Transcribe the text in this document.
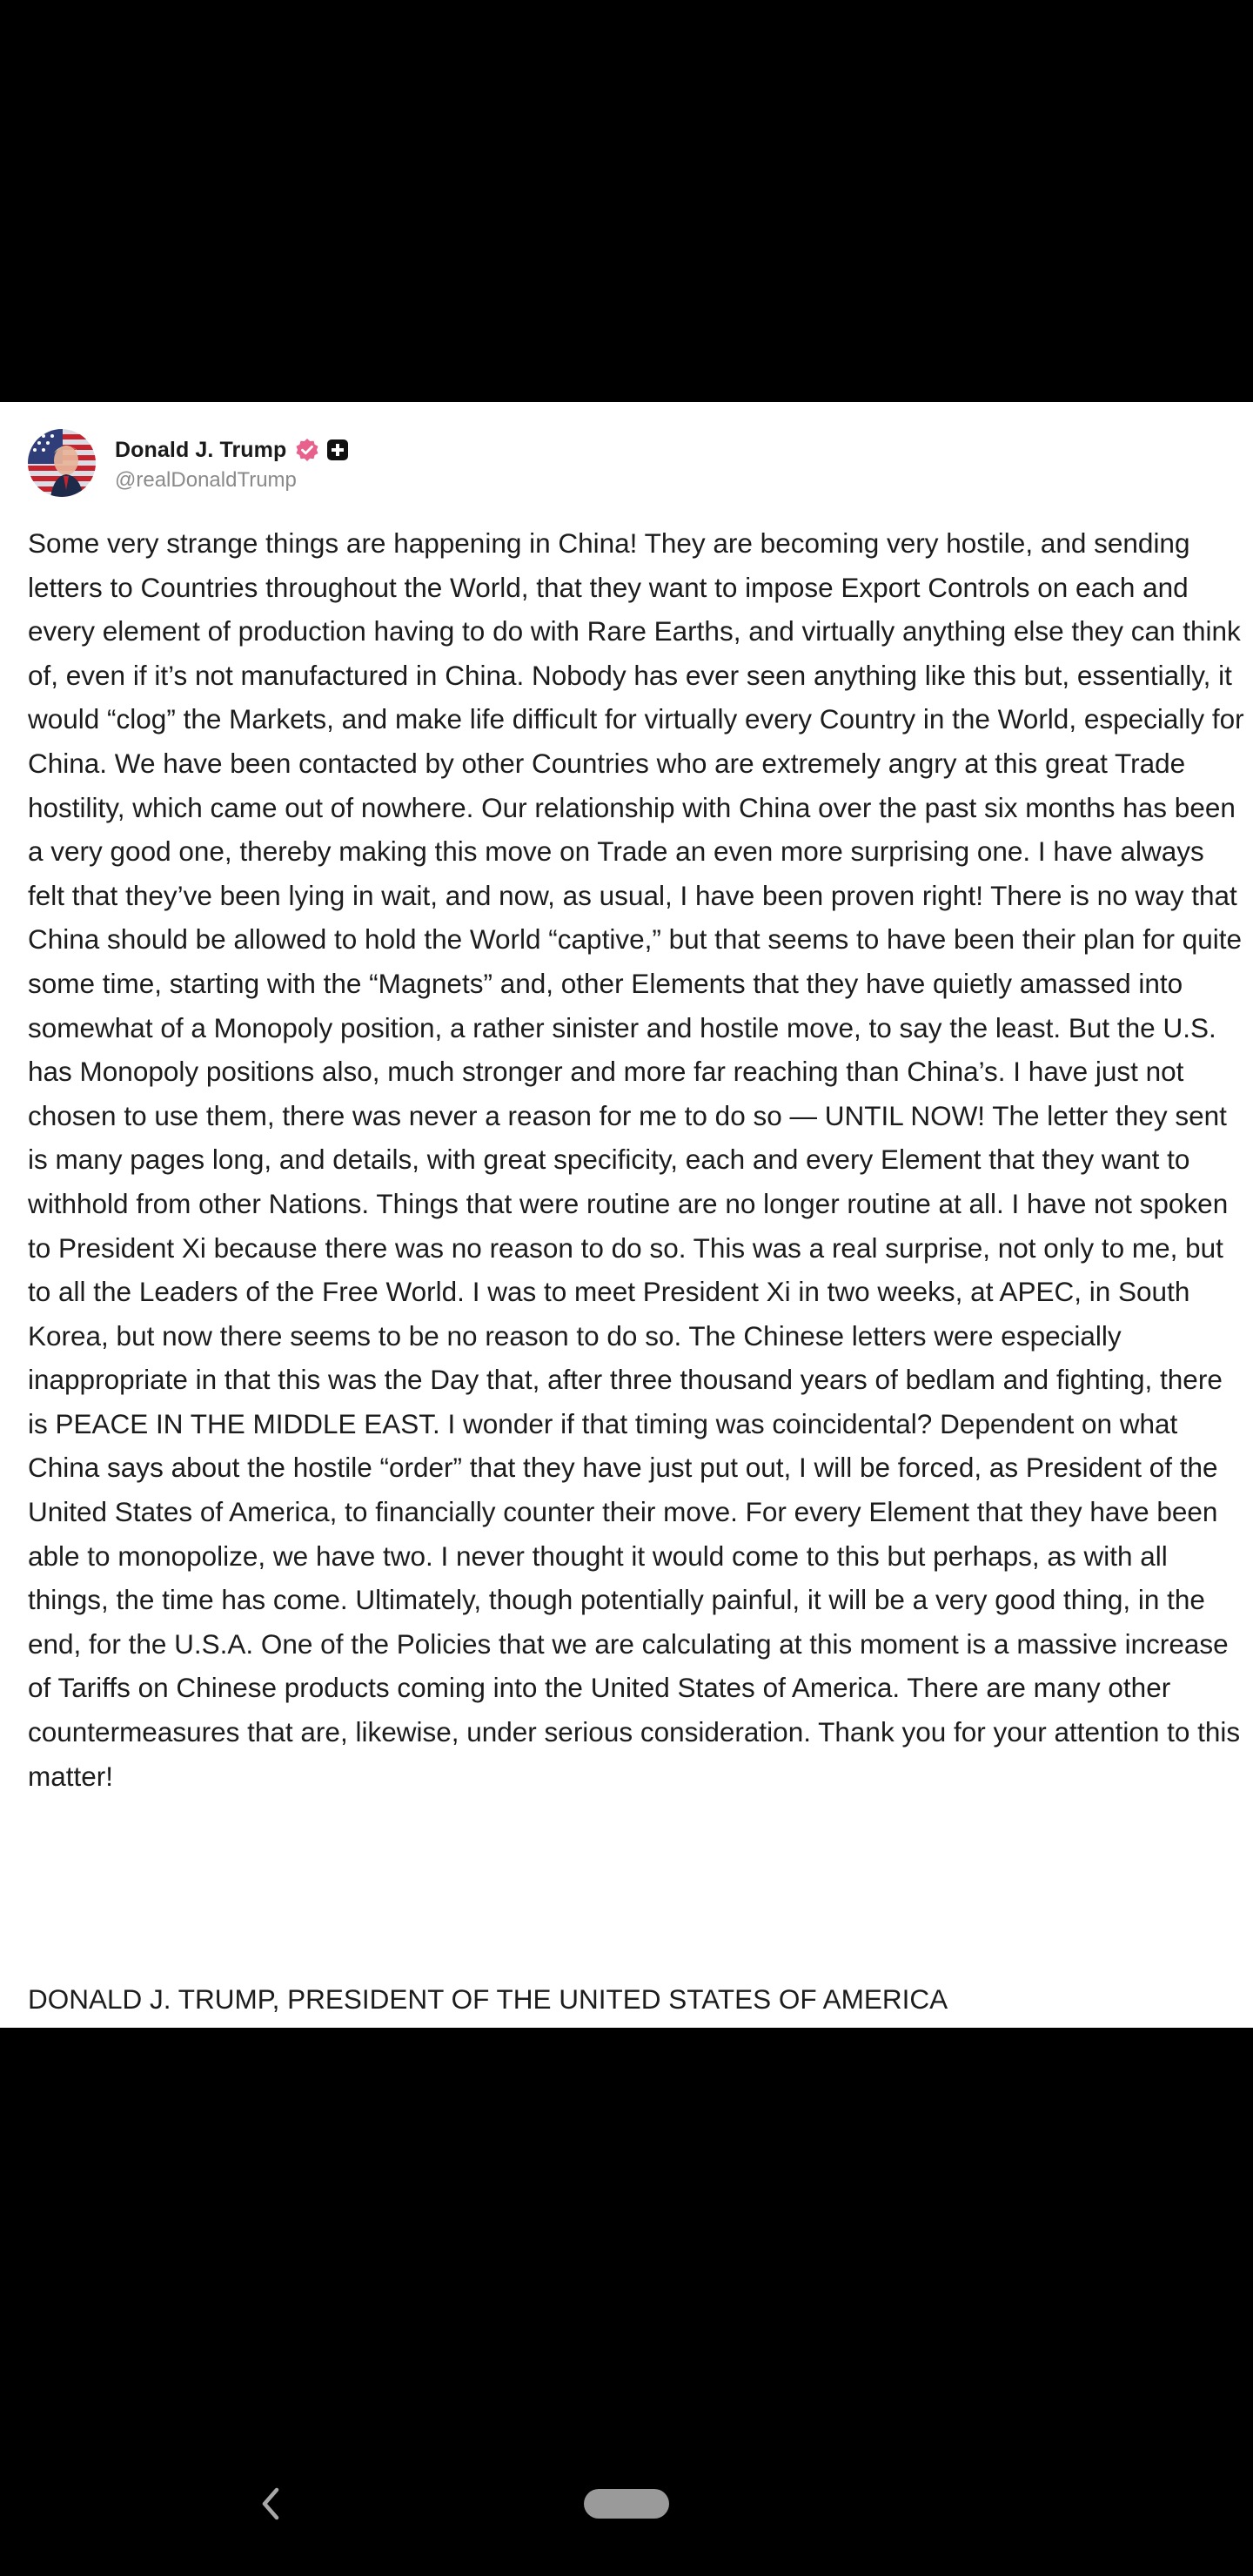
Donald J. Trump
@realDonaldTrump
Some very strange things are happening in China! They are becoming very hostile, and sending letters to Countries throughout the World, that they want to impose Export Controls on each and every element of production having to do with Rare Earths, and virtually anything else they can think of, even if it’s not manufactured in China. Nobody has ever seen anything like this but, essentially, it would “clog” the Markets, and make life difficult for virtually every Country in the World, especially for China. We have been contacted by other Countries who are extremely angry at this great Trade hostility, which came out of nowhere. Our relationship with China over the past six months has been a very good one, thereby making this move on Trade an even more surprising one. I have always felt that they’ve been lying in wait, and now, as usual, I have been proven right! There is no way that China should be allowed to hold the World “captive,” but that seems to have been their plan for quite some time, starting with the “Magnets” and, other Elements that they have quietly amassed into somewhat of a Monopoly position, a rather sinister and hostile move, to say the least. But the U.S. has Monopoly positions also, much stronger and more far reaching than China’s. I have just not chosen to use them, there was never a reason for me to do so — UNTIL NOW! The letter they sent is many pages long, and details, with great specificity, each and every Element that they want to withhold from other Nations. Things that were routine are no longer routine at all. I have not spoken to President Xi because there was no reason to do so. This was a real surprise, not only to me, but to all the Leaders of the Free World. I was to meet President Xi in two weeks, at APEC, in South Korea, but now there seems to be no reason to do so. The Chinese letters were especially inappropriate in that this was the Day that, after three thousand years of bedlam and fighting, there is PEACE IN THE MIDDLE EAST. I wonder if that timing was coincidental? Dependent on what China says about the hostile “order” that they have just put out, I will be forced, as President of the United States of America, to financially counter their move. For every Element that they have been able to monopolize, we have two. I never thought it would come to this but perhaps, as with all things, the time has come. Ultimately, though potentially painful, it will be a very good thing, in the end, for the U.S.A. One of the Policies that we are calculating at this moment is a massive increase of Tariffs on Chinese products coming into the United States of America. There are many other countermeasures that are, likewise, under serious consideration. Thank you for your attention to this matter!
DONALD J. TRUMP, PRESIDENT OF THE UNITED STATES OF AMERICA
